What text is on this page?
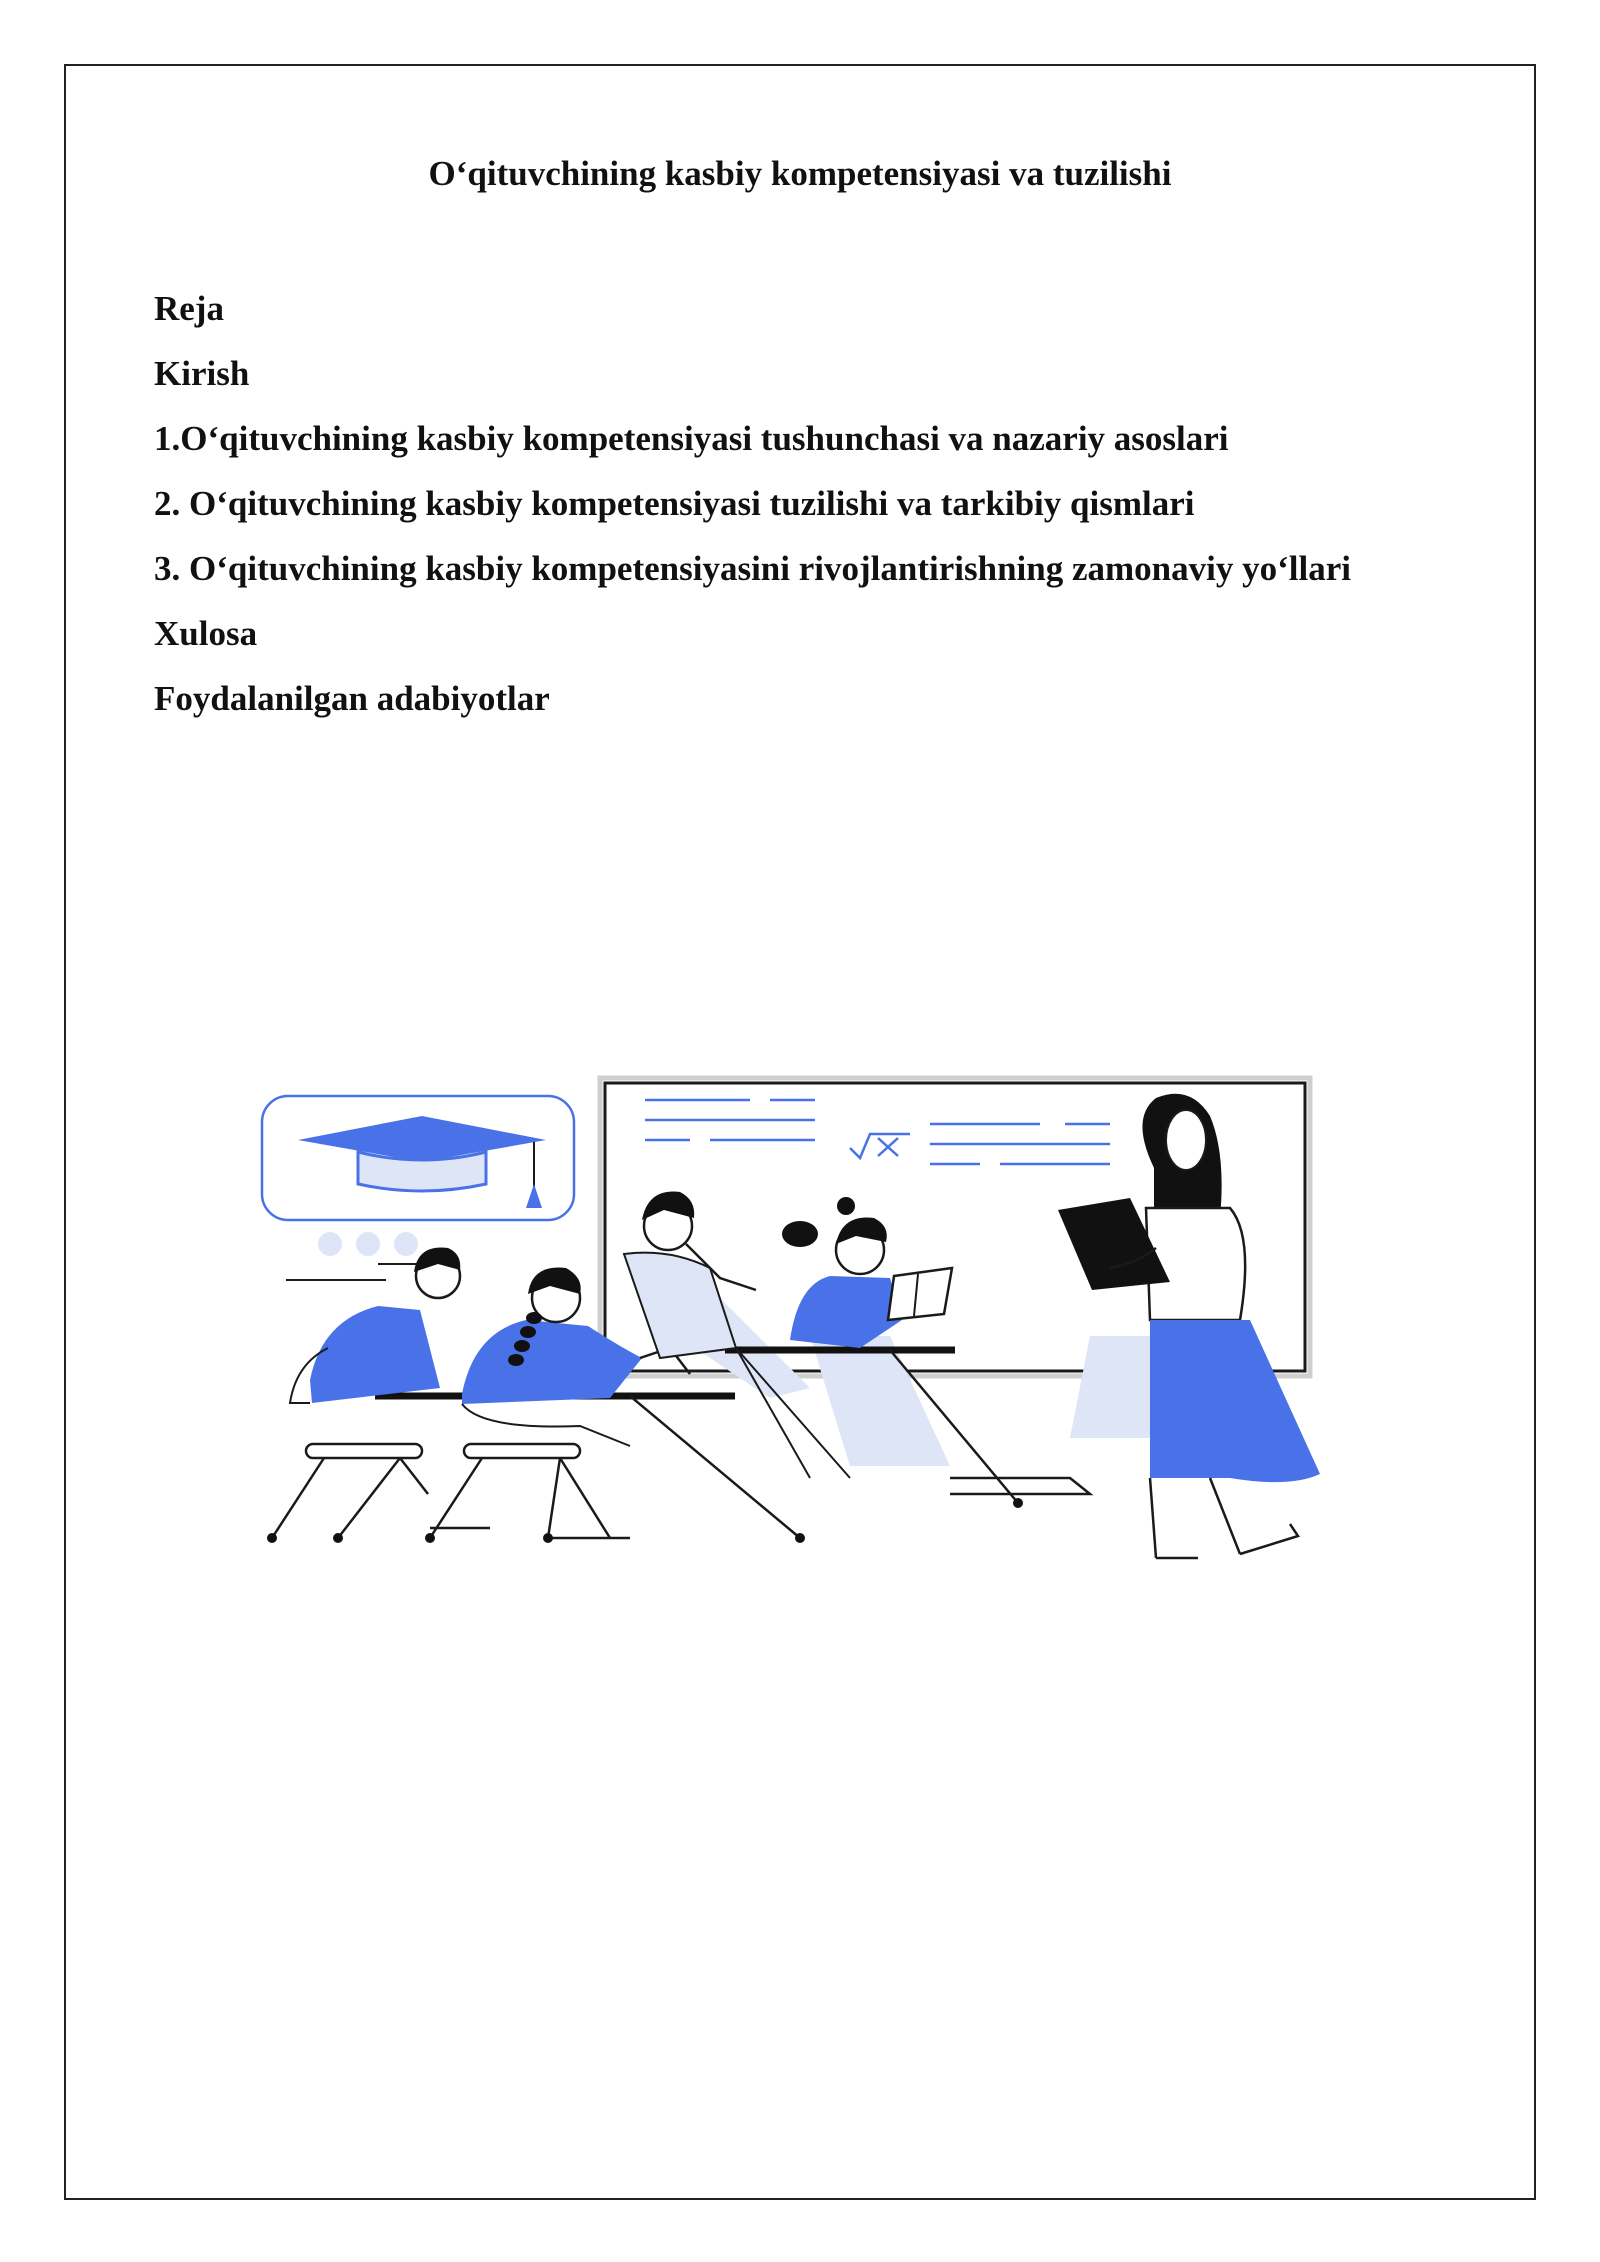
O‘qituvchining kasbiy kompetensiyasi va tuzilishi
Reja
Kirish
1.O‘qituvchining kasbiy kompetensiyasi tushunchasi va nazariy asoslari
2. O‘qituvchining kasbiy kompetensiyasi tuzilishi va tarkibiy qismlari
3. O‘qituvchining kasbiy kompetensiyasini rivojlantirishning zamonaviy yo‘llari
Xulosa
Foydalanilgan adabiyotlar
